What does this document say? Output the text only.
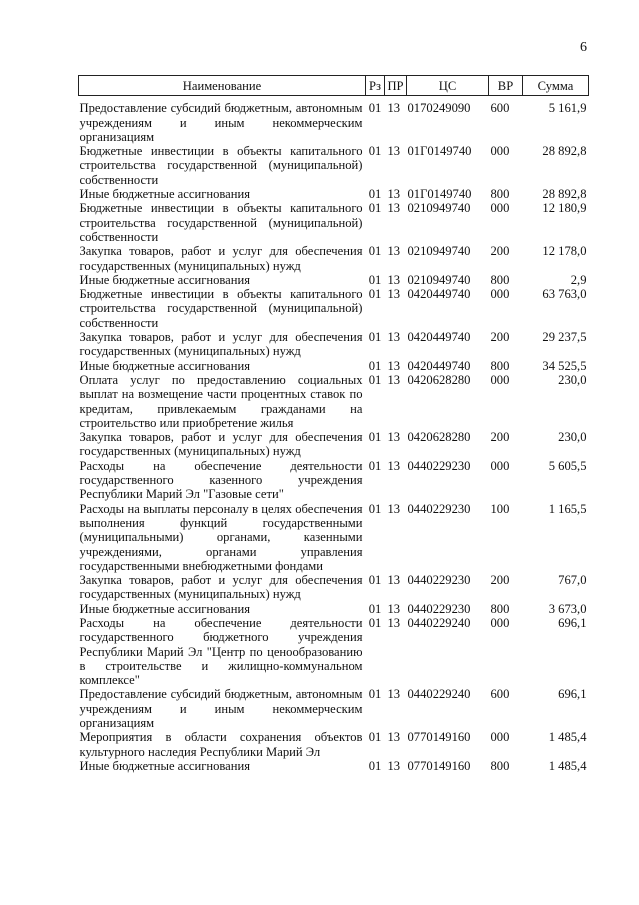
6
Наименование	Рз	ПР	ЦС	ВР	Сумма

Предоставление субсидий бюджетным, автономным учреждениям и иным некоммерческим организациям	01	13	0170249090	600	5 161,9
Бюджетные инвестиции в объекты капитального строительства государственной (муниципальной) собственности	01	13	01Г0149740	000	28 892,8
Иные бюджетные ассигнования	01	13	01Г0149740	800	28 892,8
Бюджетные инвестиции в объекты капитального строительства государственной (муниципальной) собственности	01	13	0210949740	000	12 180,9
Закупка товаров, работ и услуг для обеспечения государственных (муниципальных) нужд	01	13	0210949740	200	12 178,0
Иные бюджетные ассигнования	01	13	0210949740	800	2,9
Бюджетные инвестиции в объекты капитального строительства государственной (муниципальной) собственности	01	13	0420449740	000	63 763,0
Закупка товаров, работ и услуг для обеспечения государственных (муниципальных) нужд	01	13	0420449740	200	29 237,5
Иные бюджетные ассигнования	01	13	0420449740	800	34 525,5
Оплата услуг по предоставлению социальных выплат на возмещение части процентных ставок по кредитам, привлекаемым гражданами на строительство или приобретение жилья	01	13	0420628280	000	230,0
Закупка товаров, работ и услуг для обеспечения государственных (муниципальных) нужд	01	13	0420628280	200	230,0
Расходы на обеспечение деятельности государственного казенного учреждения Республики Марий Эл "Газовые сети"	01	13	0440229230	000	5 605,5
Расходы на выплаты персоналу в целях обеспечения выполнения функций государственными (муниципальными) органами, казенными учреждениями, органами управления государственными внебюджетными фондами	01	13	0440229230	100	1 165,5
Закупка товаров, работ и услуг для обеспечения государственных (муниципальных) нужд	01	13	0440229230	200	767,0
Иные бюджетные ассигнования	01	13	0440229230	800	3 673,0
Расходы на обеспечение деятельности государственного бюджетного учреждения Республики Марий Эл "Центр по ценообразованию в строительстве и жилищно-коммунальном комплексе"	01	13	0440229240	000	696,1
Предоставление субсидий бюджетным, автономным учреждениям и иным некоммерческим организациям	01	13	0440229240	600	696,1
Мероприятия в области сохранения объектов культурного наследия Республики Марий Эл	01	13	0770149160	000	1 485,4
Иные бюджетные ассигнования	01	13	0770149160	800	1 485,4
